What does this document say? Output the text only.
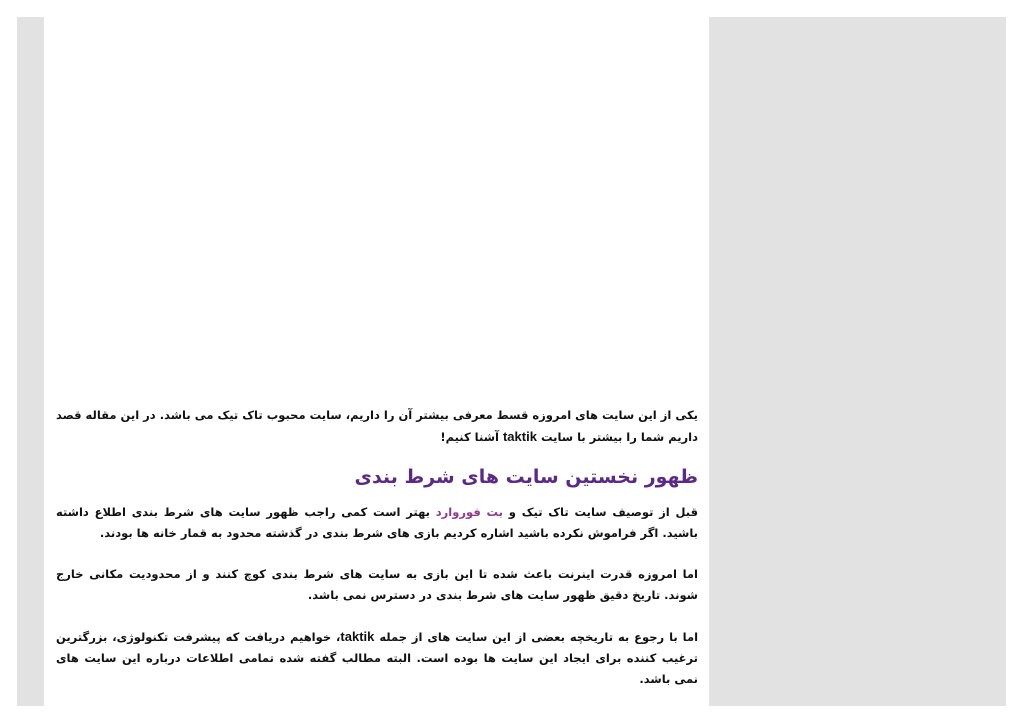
یکی از این سایت های امروزه قسط معرفی بیشتر آن را داریم، سایت محبوب تاک تیک می باشد. در این مقاله قصد داریم شما را بیشتر با سایت taktik آشنا کنیم!

ظهور نخستین سایت های شرط بندی

قبل از توصیف سایت تاک تیک و بت فوروارد بهتر است کمی راجب ظهور سایت های شرط بندی اطلاع داشته باشید. اگر فراموش نکرده باشید اشاره کردیم بازی های شرط بندی در گذشته محدود به قمار خانه ها بودند.

اما امروزه قدرت اینرنت باعث شده تا این بازی به سایت های شرط بندی کوچ کنند و از محدودیت مکانی خارج شوند. تاریخ دقیق ظهور سایت های شرط بندی در دسترس نمی باشد.

اما با رجوع به تاریخچه بعضی از این سایت های از جمله taktik، خواهیم دریافت که پیشرفت تکنولوژی، بزرگترین ترغیب کننده برای ایجاد این سایت ها بوده است. البته مطالب گفته شده تمامی اطلاعات درباره این سایت های نمی باشد.
